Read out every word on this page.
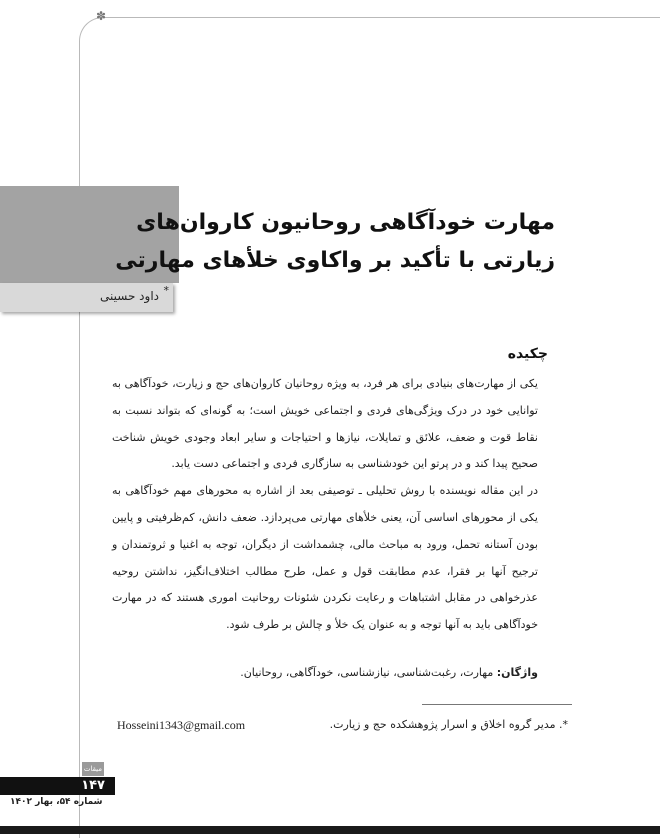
✽
مهارت خودآگاهی روحانیون کاروان‌های
زیارتی با تأکید بر واکاوی خلأهای مهارتی
داود حسینی *
چکیده

یکی از مهارت‌های بنیادی برای هر فرد، به ویژه روحانیان کاروان‌های حج و زیارت، خودآگاهی به توانایی خود در درک ویژگی‌های فردی و اجتماعی خویش است؛ به گونه‌ای که بتواند نسبت به نقاط قوت و ضعف، علائق و تمایلات، نیازها و احتیاجات و سایر ابعاد وجودی خویش شناخت صحیح پیدا کند و در پرتو این خودشناسی به سازگاری فردی و اجتماعی دست یابد.

در این مقاله نویسنده با روش تحلیلی ـ توصیفی بعد از اشاره به محورهای مهم خودآگاهی به یکی از محورهای اساسی آن، یعنی خلأهای مهارتی می‌پردازد. ضعف دانش، کم‌ظرفیتی و پایین بودن آستانه تحمل، ورود به مباحث مالی، چشمداشت از دیگران، توجه به اغنیا و ثروتمندان و ترجیح آنها بر فقرا، عدم مطابقت قول و عمل، طرح مطالب اختلاف‌انگیز، نداشتن روحیه عذرخواهی در مقابل اشتباهات و رعایت نکردن شئونات روحانیت اموری هستند که در مهارت خودآگاهی باید به آنها توجه و به عنوان یک خلأ و چالش بر طرف شود.

واژگان: مهارت، رغبت‌شناسی، نیازشناسی، خودآگاهی، روحانیان.
*. مدیر گروه اخلاق و اسرار پژوهشکده حج و زیارت.
Hosseini1343@gmail.com
میقات
۱۴۷
شماره ۵۴، بهار ۱۴۰۲
